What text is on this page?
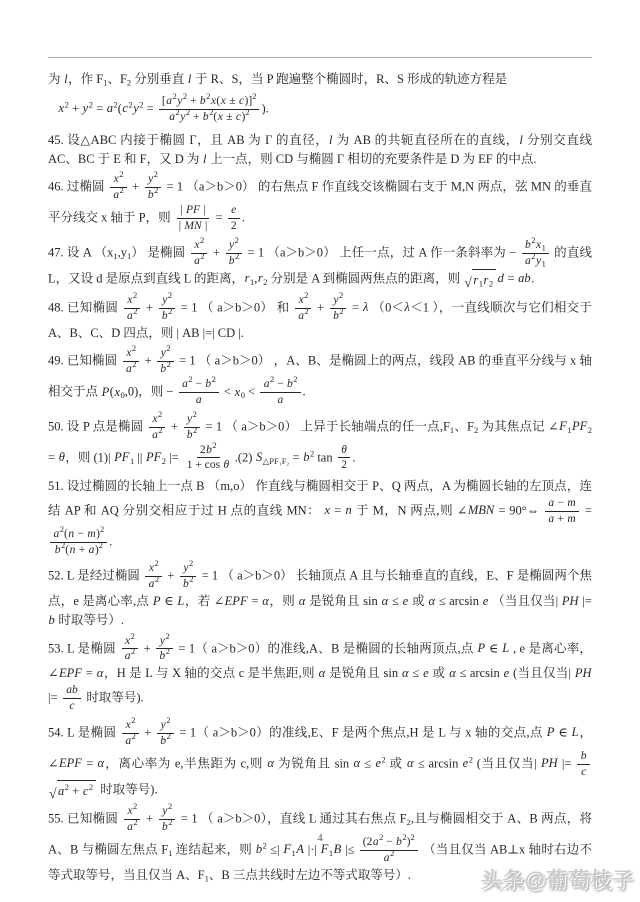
为 l，作 $F_1$、$F_2$ 分别垂直 l 于 R、S，当 P 跑遍整个椭圆时，R、S 形成的轨迹方程是

$x^2 + y^2 = a^2(c^2y^2 = \frac{[a^2y^2 + b^2x(x \pm c)]^2}{a^2y^2 + b^2(x \pm c)^2}$ ).

45. 设△ABC 内接于椭圆 Γ，且 AB 为 Γ 的直径，l 为 AB 的共轭直径所在的直线，l 分别交直线 AC、BC 于 E 和 F，又 D 为 l 上一点，则 CD 与椭圆 Γ 相切的充要条件是 D 为 EF 的中点.

46. 过椭圆 $\frac{x^2}{a^2} + \frac{y^2}{b^2} = 1$ （a＞b＞0） 的右焦点 F 作直线交该椭圆右支于 M,N 两点，弦 MN 的垂直平分线交 x 轴于 P，则 $\frac{| PF |}{| MN |} = \frac{e}{2}$ .

47. 设 A $(x_1,y_1)$ 是椭圆 $\frac{x^2}{a^2} + \frac{y^2}{b^2} = 1$ （a＞b＞0） 上任一点，过 A 作一条斜率为 − $\frac{b^2x_1}{a^2y_1}$ 的直线 L，又设 d 是原点到直线 L 的距离，$r_1,r_2$ 分别是 A 到椭圆两焦点的距离，则 √ $r_1r_2$ d = ab.

48. 已知椭圆 $\frac{x^2}{a^2} + \frac{y^2}{b^2} = 1$ （ a＞b＞0） 和 $\frac{x^2}{a^2} + \frac{y^2}{b^2} = \lambda$ （0＜λ＜1 ），一直线顺次与它们相交于 A、B、C、D 四点，则 | AB |=| CD |.

49. 已知椭圆 $\frac{x^2}{a^2} + \frac{y^2}{b^2} = 1$ （ a＞b＞0） ，A、B、是椭圆上的两点，线段 AB 的垂直平分线与 x 轴相交于点 $P(x_0,0)$，则 − $\frac{a^2 - b^2}{a} < x_0 < \frac{a^2 - b^2}{a}$ .

50. 设 P 点是椭圆 $\frac{x^2}{a^2} + \frac{y^2}{b^2} = 1$ （ a＞b＞0） 上异于长轴端点的任一点$,F_1$、$F_2$ 为其焦点记 $\angle F_1PF_2 = \theta$，则 (1)| $PF_1$ || $PF_2$ |= $\frac{2b^2}{\text{1 + cos θ}} .(2) S_{\triangle PF_1F_2} = b^2$ $\tan \frac{\theta}{2}$ .

51. 设过椭圆的长轴上一点 B （m,o） 作直线与椭圆相交于 P、Q 两点，A 为椭圆长轴的左顶点，连结 AP 和 AQ 分别交相应于过 H 点的直线 MN： x = n 于 M，N 两点,则 ∠MBN = 90°⇔ $\frac{a - m}{a + m}$ =
$\frac{a^2(n - m)^2}{b^2(n + a)^2}$ .

52. L 是经过椭圆 $\frac{x^2}{a^2} + \frac{y^2}{b^2} = 1$ （ a＞b＞0） 长轴顶点 A 且与长轴垂直的直线，E、F 是椭圆两个焦点，e 是离心率,点 P ∈ L，若 ∠EPF = α，则 α 是锐角且 sin α ≤ e 或 α ≤ arcsin e （当且仅当| PH |= b 时取等号）.

53. L 是椭圆 $\frac{x^2}{a^2} + \frac{y^2}{b^2} = 1$（ a＞b＞0）的准线,A、B 是椭圆的长轴两顶点,点 P ∈ L , e 是离心率， ∠EPF = α，H 是 L 与 X 轴的交点 c 是半焦距,则 α 是锐角且 sin α ≤ e 或 α ≤ arcsin e (当且仅当| PH |= $\frac{ab}{c}$ 时取等号).

54. L 是椭圆 $\frac{x^2}{a^2} + \frac{y^2}{b^2} = 1$（ a＞b＞0）的准线,E、F 是两个焦点,H 是 L 与 x 轴的交点,点 P ∈ L，∠EPF = α，离心率为 e,半焦距为 c,则 α 为锐角且 $\sin \alpha \le e^2$ 或 $\alpha \le \arcsin e^2$ (当且仅当| PH |= $\frac{b}{c}$
√ $a^2 + c^2$ 时取等号).

55. 已知椭圆 $\frac{x^2}{a^2} + \frac{y^2}{b^2} = 1$ （ a＞b＞0），直线 L 通过其右焦点 $F_2$,且与椭圆相交于 A、B 两点，将 A、B 与椭圆左焦点 $F_1$ 连结起来，则 $b^2$ ≤| $F_1A$ |·| $F_1B$ |≤ $\frac{(2a^2 - b^2)^2}{a^2}$ （当且仅当 AB⊥x 轴时右边不等式取等号，当且仅当 A、$F_1$、B 三点共线时左边不等式取等号）.

4
头条@葡萄枝子
